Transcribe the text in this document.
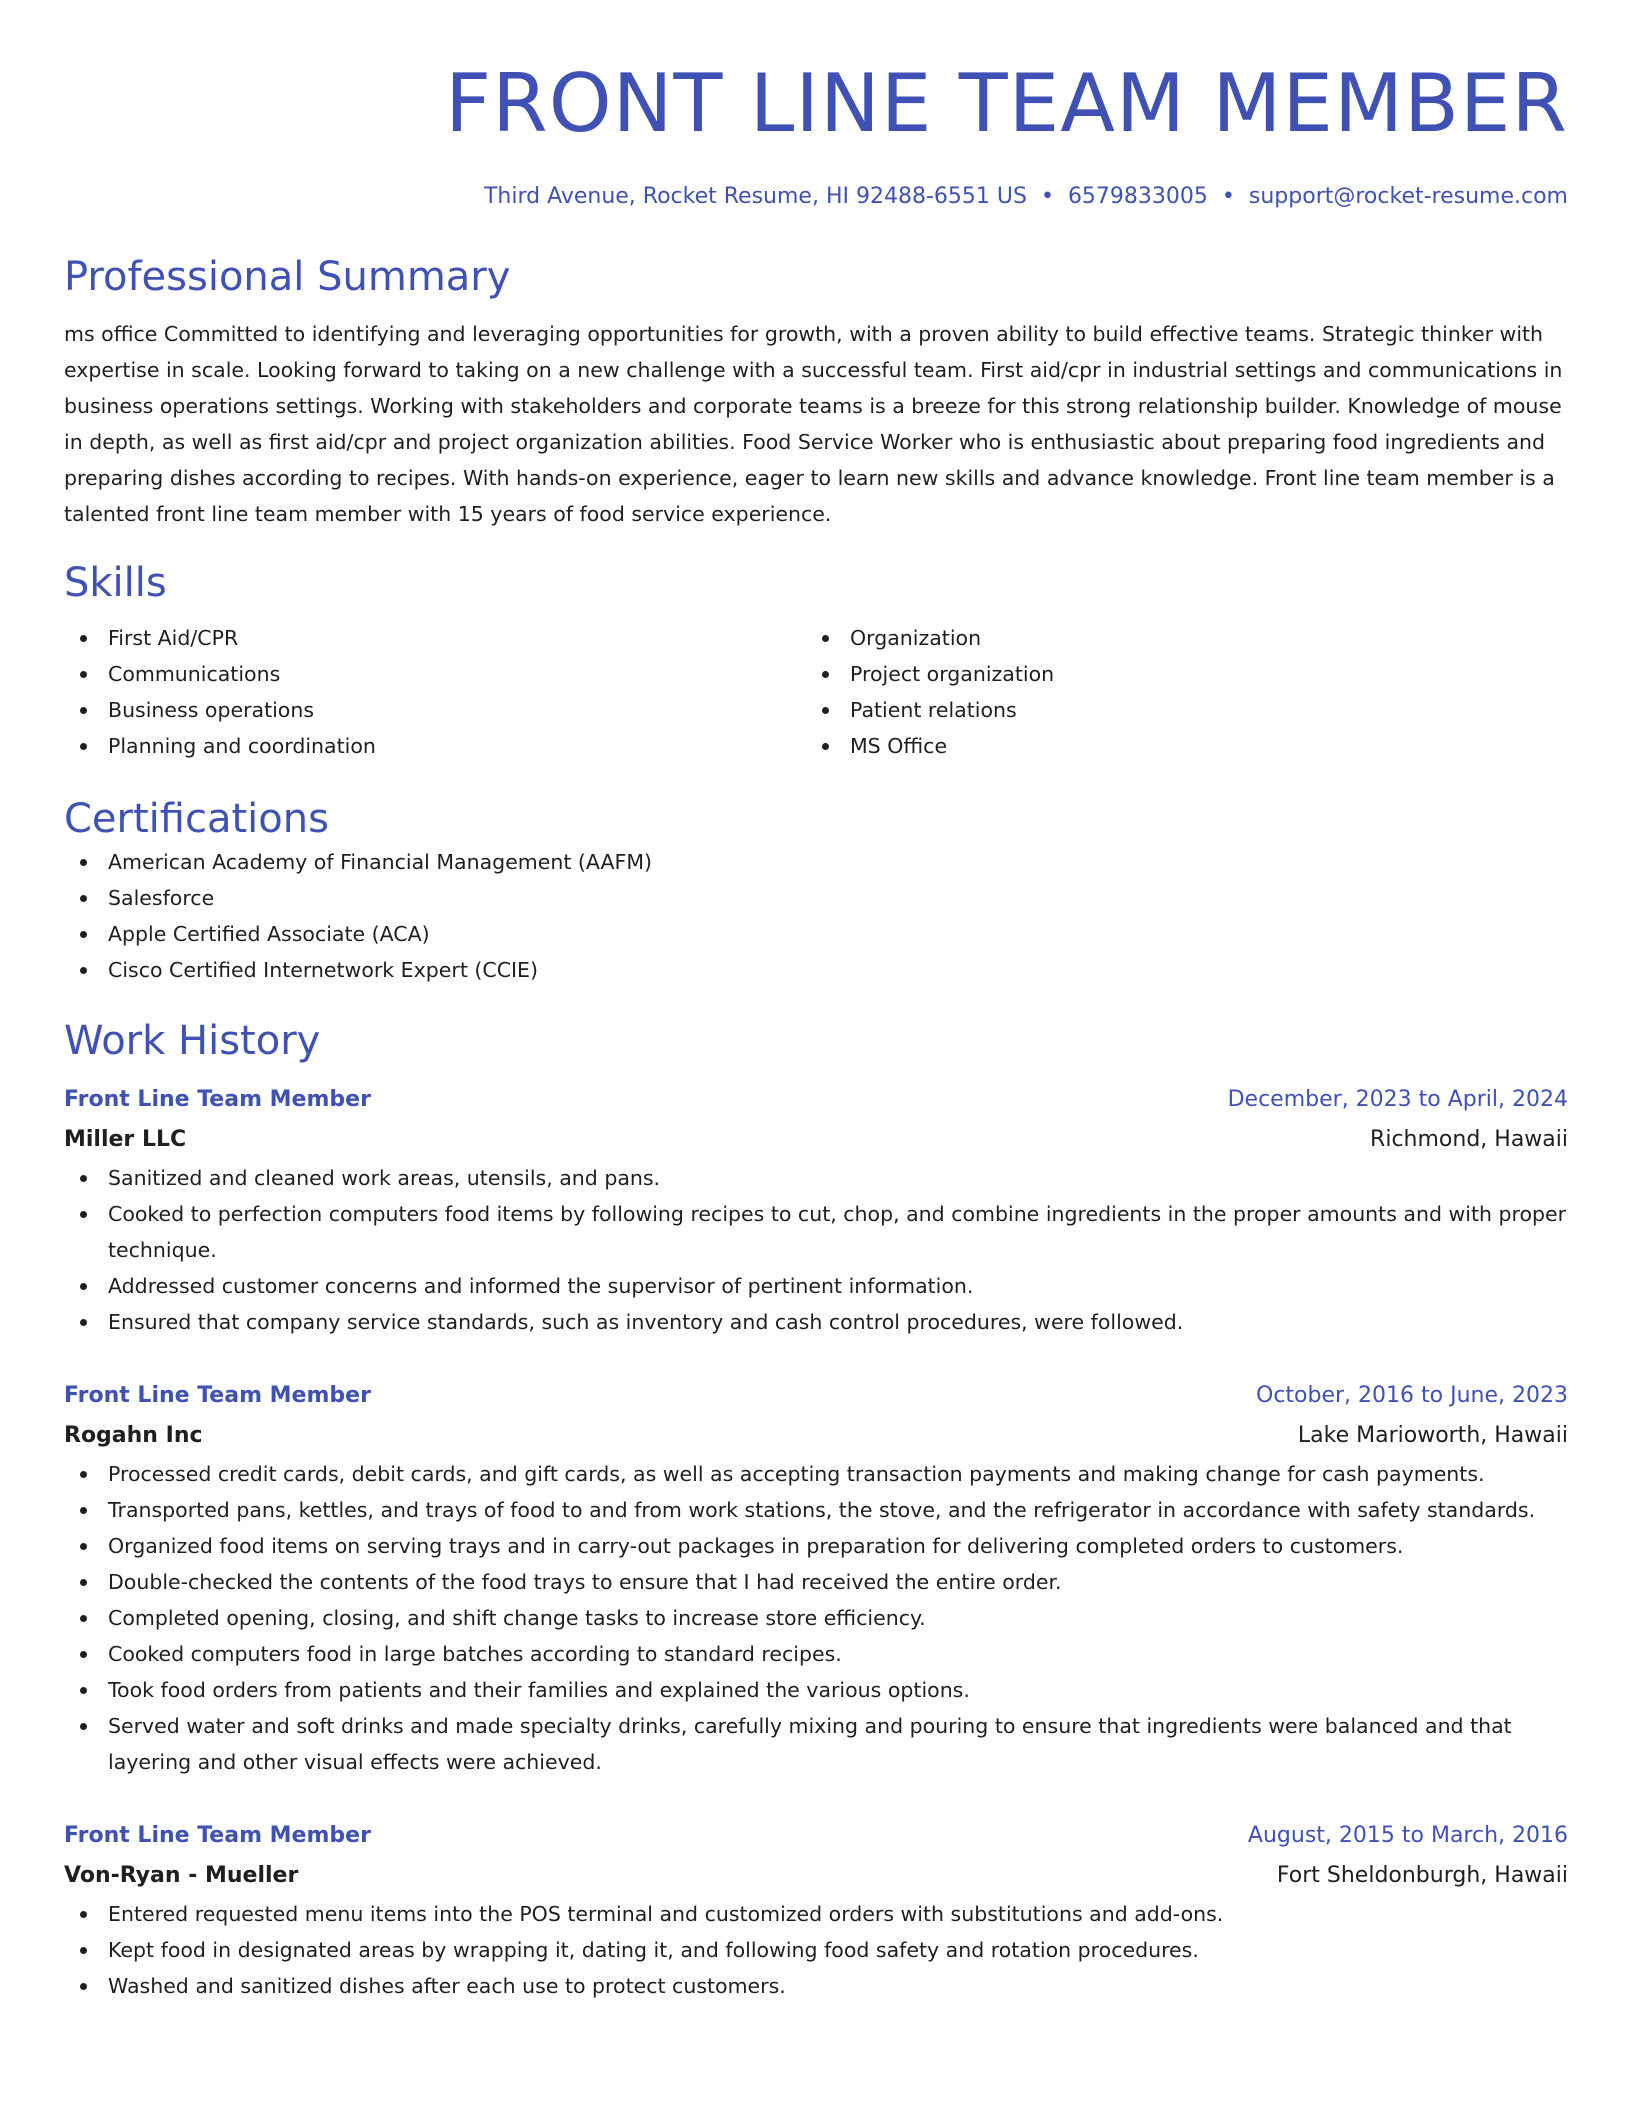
FRONT LINE TEAM MEMBER
Third Avenue, Rocket Resume, HI 92488-6551 US • 6579833005 • support@rocket-resume.com
Professional Summary

ms office Committed to identifying and leveraging opportunities for growth, with a proven ability to build effective teams. Strategic thinker with expertise in scale. Looking forward to taking on a new challenge with a successful team. First aid/cpr in industrial settings and communications in business operations settings. Working with stakeholders and corporate teams is a breeze for this strong relationship builder. Knowledge of mouse in depth, as well as first aid/cpr and project organization abilities. Food Service Worker who is enthusiastic about preparing food ingredients and preparing dishes according to recipes. With hands-on experience, eager to learn new skills and advance knowledge. Front line team member is a talented front line team member with 15 years of food service experience.

Skills
First Aid/CPR
Communications
Business operations
Planning and coordination
Organization
Project organization
Patient relations
MS Office
Certifications
American Academy of Financial Management (AAFM)
Salesforce
Apple Certified Associate (ACA)
Cisco Certified Internetwork Expert (CCIE)
Work History
Front Line Team Member	December, 2023 to April, 2024
Miller LLC	Richmond, Hawaii
Sanitized and cleaned work areas, utensils, and pans.
Cooked to perfection computers food items by following recipes to cut, chop, and combine ingredients in the proper amounts and with proper technique.
Addressed customer concerns and informed the supervisor of pertinent information.
Ensured that company service standards, such as inventory and cash control procedures, were followed.
Front Line Team Member	October, 2016 to June, 2023
Rogahn Inc	Lake Marioworth, Hawaii
Processed credit cards, debit cards, and gift cards, as well as accepting transaction payments and making change for cash payments.
Transported pans, kettles, and trays of food to and from work stations, the stove, and the refrigerator in accordance with safety standards.
Organized food items on serving trays and in carry-out packages in preparation for delivering completed orders to customers.
Double-checked the contents of the food trays to ensure that I had received the entire order.
Completed opening, closing, and shift change tasks to increase store efficiency.
Cooked computers food in large batches according to standard recipes.
Took food orders from patients and their families and explained the various options.
Served water and soft drinks and made specialty drinks, carefully mixing and pouring to ensure that ingredients were balanced and that layering and other visual effects were achieved.
Front Line Team Member	August, 2015 to March, 2016
Von-Ryan - Mueller	Fort Sheldonburgh, Hawaii
Entered requested menu items into the POS terminal and customized orders with substitutions and add-ons.
Kept food in designated areas by wrapping it, dating it, and following food safety and rotation procedures.
Washed and sanitized dishes after each use to protect customers.
